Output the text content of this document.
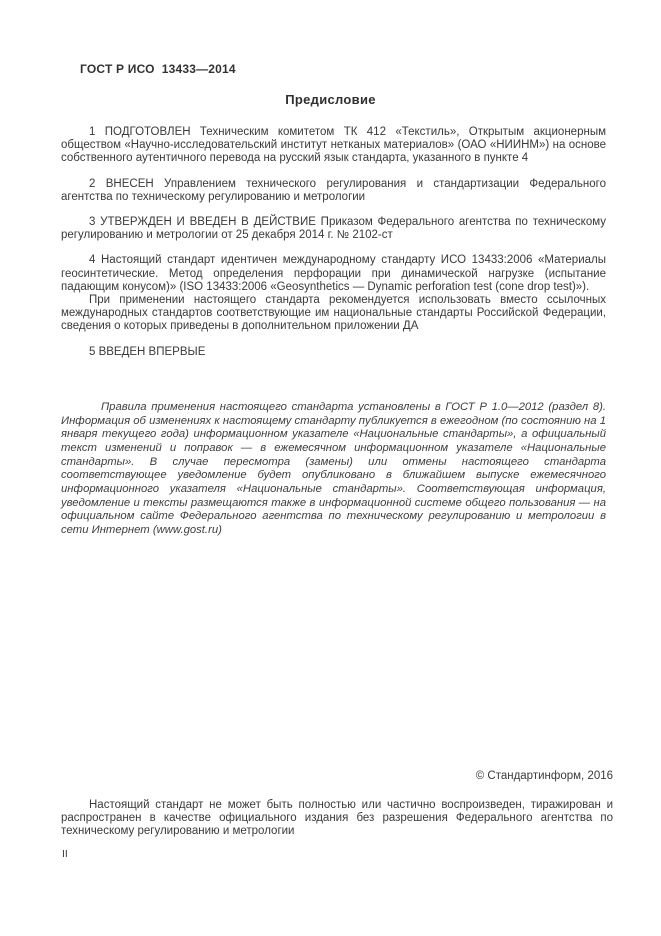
ГОСТ Р ИСО  13433—2014
Предисловие

1 ПОДГОТОВЛЕН Техническим комитетом ТК 412 «Текстиль», Открытым акционерным обществом «Научно-исследовательский институт нетканых материалов» (ОАО «НИИНМ») на основе собственного аутентичного перевода на русский язык стандарта, указанного в пункте 4

2 ВНЕСЕН Управлением технического регулирования и стандартизации Федерального агентства по техническому регулированию и метрологии

3 УТВЕРЖДЕН И ВВЕДЕН В ДЕЙСТВИЕ Приказом Федерального агентства по техническому регулированию и метрологии от 25 декабря 2014 г. № 2102-ст

4 Настоящий стандарт идентичен международному стандарту ИСО 13433:2006 «Материалы геосинтетические. Метод определения перфорации при динамической нагрузке (испытание падающим конусом)» (ISO 13433:2006 «Geosynthetics — Dynamic perforation test (cone drop test)»).

При применении настоящего стандарта рекомендуется использовать вместо ссылочных международных стандартов соответствующие им национальные стандарты Российской Федерации, сведения о которых приведены в дополнительном приложении ДА

5 ВВЕДЕН ВПЕРВЫЕ

Правила применения настоящего стандарта установлены в ГОСТ Р 1.0—2012 (раздел 8). Информация об изменениях к настоящему стандарту публикуется в ежегодном (по состоянию на 1 января текущего года) информационном указателе «Национальные стандарты», а официальный текст изменений и поправок — в ежемесячном информационном указателе «Национальные стандарты». В случае пересмотра (замены) или отмены настоящего стандарта соответствующее уведомление будет опубликовано в ближайшем выпуске ежемесячного информационного указателя «Национальные стандарты». Соответствующая информация, уведомление и тексты размещаются также в информационной системе общего пользования — на официальном сайте Федерального агентства по техническому регулированию и метрологии в сети Интернет (www.gost.ru)

© Стандартинформ, 2016
Настоящий стандарт не может быть полностью или частично воспроизведен, тиражирован и распространен в качестве официального издания без разрешения Федерального агентства по техническому регулированию и метрологии
II
